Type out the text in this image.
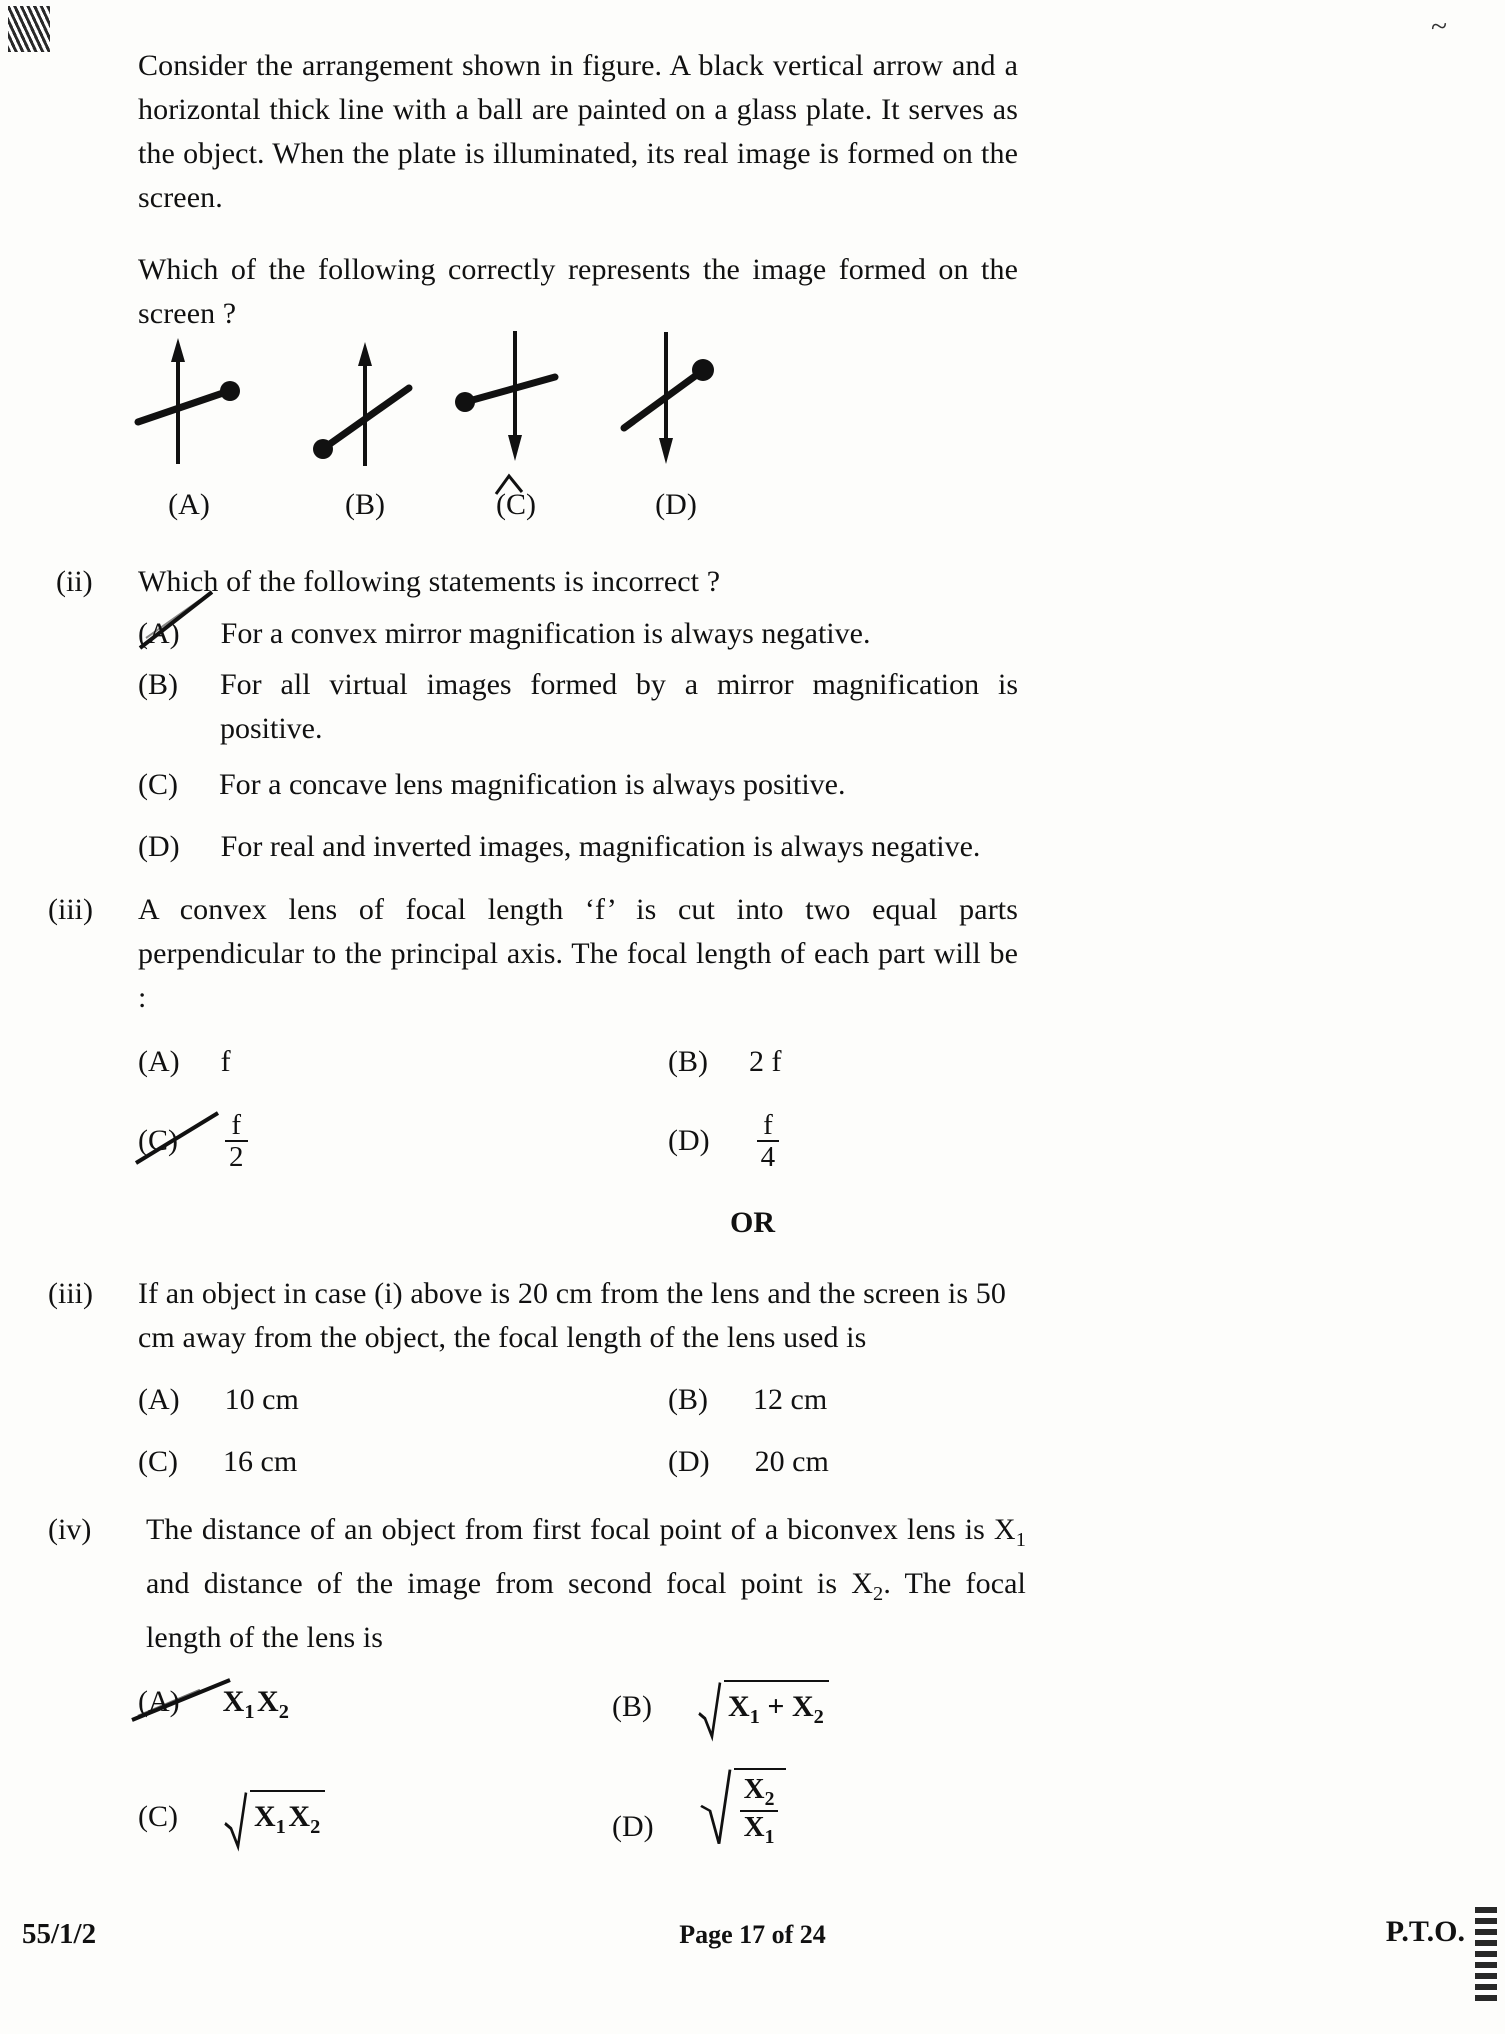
~
Consider the arrangement shown in figure. A black vertical arrow and a horizontal thick line with a ball are painted on a glass plate. It serves as the object. When the plate is illuminated, its real image is formed on the screen.
Which of the following correctly represents the image formed on the screen ?
(A)	(B)	(C)	(D)
(ii) Which of the following statements is incorrect ?
(A) For a convex mirror magnification is always negative.
(B) For all virtual images formed by a mirror magnification is positive.
(C) For a concave lens magnification is always positive.
(D) For real and inverted images, magnification is always negative.
(iii) A convex lens of focal length ‘f’ is cut into two equal parts perpendicular to the principal axis. The focal length of each part will be :
(A) f	(B) 2 f
$(C) \frac{f}{2}$	$(D) \frac{f}{4}$
OR
(iii) If an object in case (i) above is 20 cm from the lens and the screen is 50 cm away from the object, the focal length of the lens used is
(A) 10 cm	(B) 12 cm
(C) 16 cm	(D) 20 cm
(iv) The distance of an object from first focal point of a biconvex lens is $X_1$ and distance of the image from second focal point is $X_2$. The focal length of the lens is
(A) $X_1$ $X_2$	(B)	$X_1 + X_2$
(C)	$X_1$ $X_2$	(D)	$\frac{X_2}{X_1}$
55/1/2	Page 17 of 24	P.T.O.
